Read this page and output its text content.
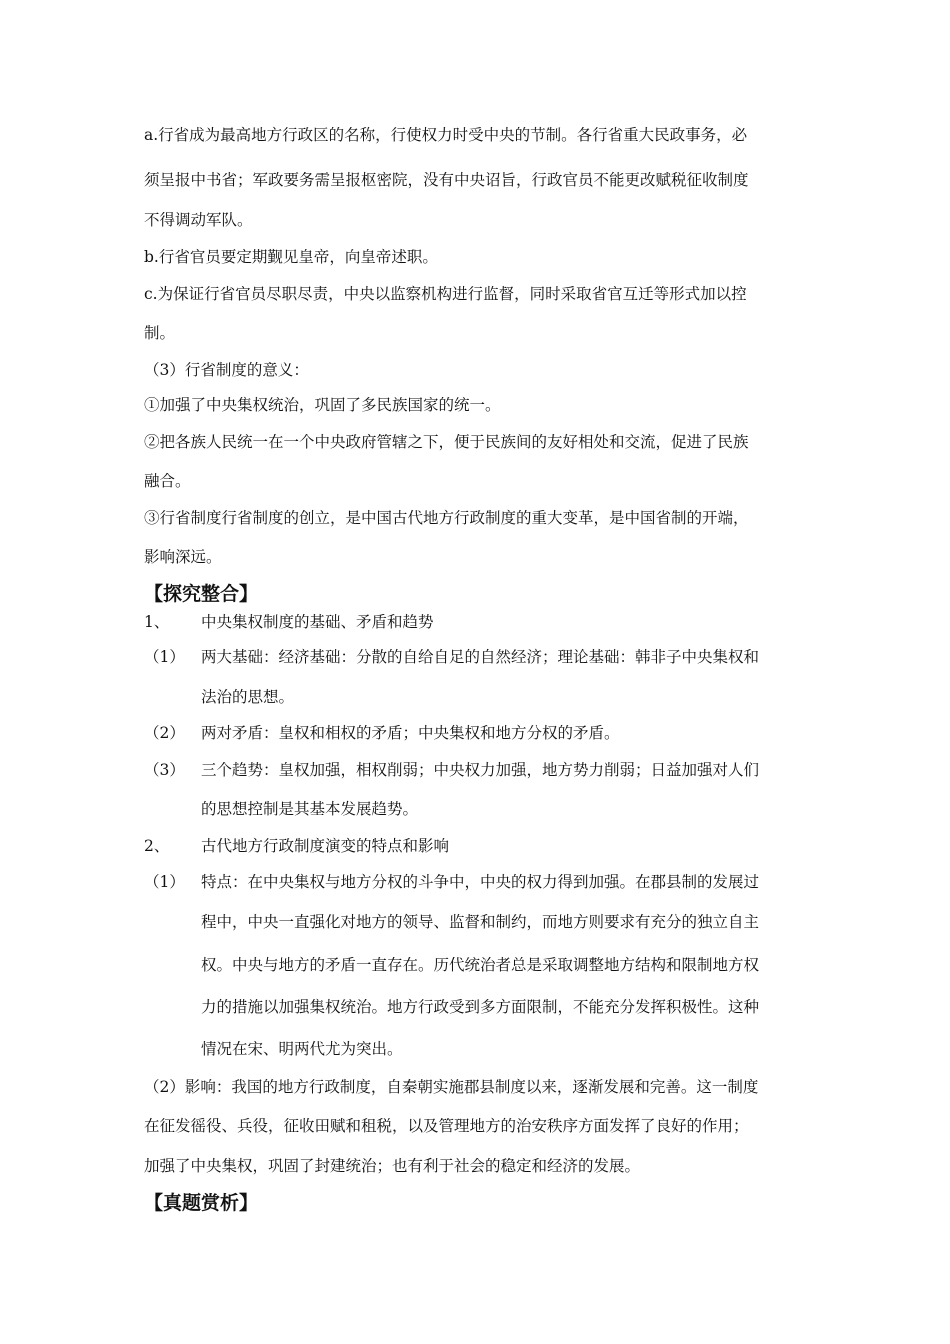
a.行省成为最高地方行政区的名称，行使权力时受中央的节制。各行省重大民政事务，必
须呈报中书省；军政要务需呈报枢密院，没有中央诏旨，行政官员不能更改赋税征收制度
不得调动军队。
b.行省官员要定期觐见皇帝，向皇帝述职。
c.为保证行省官员尽职尽责，中央以监察机构进行监督，同时采取省官互迁等形式加以控
制。
（3）行省制度的意义：
①加强了中央集权统治，巩固了多民族国家的统一。
②把各族人民统一在一个中央政府管辖之下，便于民族间的友好相处和交流，促进了民族
融合。
③行省制度行省制度的创立，是中国古代地方行政制度的重大变革，是中国省制的开端，
影响深远。
【探究整合】
1、 中央集权制度的基础、矛盾和趋势
（1） 两大基础：经济基础：分散的自给自足的自然经济；理论基础：韩非子中央集权和
法治的思想。
（2） 两对矛盾：皇权和相权的矛盾；中央集权和地方分权的矛盾。
（3） 三个趋势：皇权加强，相权削弱；中央权力加强，地方势力削弱；日益加强对人们
的思想控制是其基本发展趋势。
2、 古代地方行政制度演变的特点和影响
（1） 特点：在中央集权与地方分权的斗争中，中央的权力得到加强。在郡县制的发展过
程中，中央一直强化对地方的领导、监督和制约，而地方则要求有充分的独立自主
权。中央与地方的矛盾一直存在。历代统治者总是采取调整地方结构和限制地方权
力的措施以加强集权统治。地方行政受到多方面限制，不能充分发挥积极性。这种
情况在宋、明两代尤为突出。
（2）影响：我国的地方行政制度，自秦朝实施郡县制度以来，逐渐发展和完善。这一制度
在征发徭役、兵役，征收田赋和租税，以及管理地方的治安秩序方面发挥了良好的作用；
加强了中央集权，巩固了封建统治；也有利于社会的稳定和经济的发展。
【真题赏析】
